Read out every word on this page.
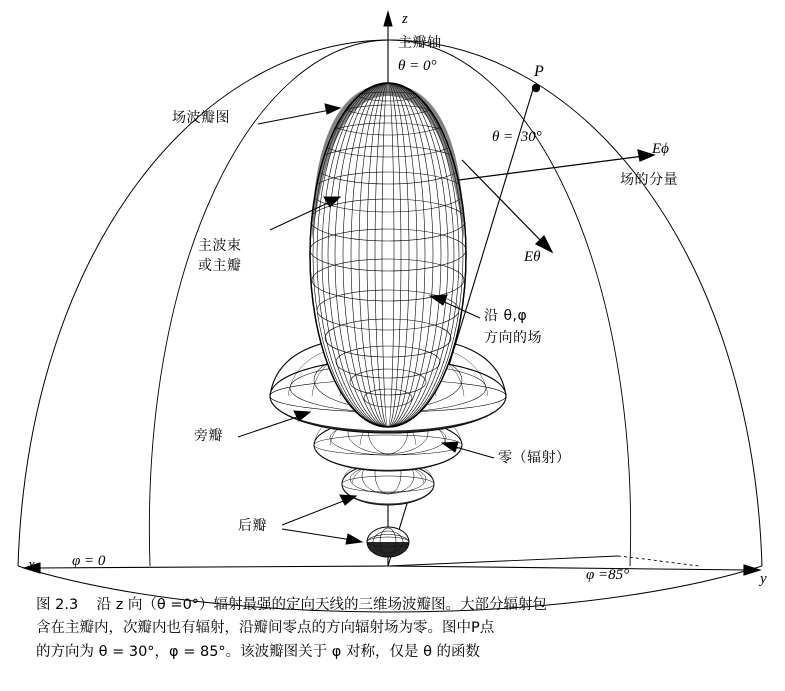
z
主瓣轴
θ = 0°	P
θ =  30°
Eϕ
场的分量
Eθ
场波瓣图
主波束
或主瓣
旁瓣
后瓣
零（辐射）
沿 θ,φ
方向的场
x φ = 0
φ =85°	y
图 2.3    沿 z 向（θ =0°）辐射最强的定向天线的三维场波瓣图。大部分辐射包
含在主瓣内，次瓣内也有辐射，沿瓣间零点的方向辐射场为零。图中P点
的方向为 θ = 30°，φ = 85°。该波瓣图关于 φ 对称，仅是 θ 的函数
